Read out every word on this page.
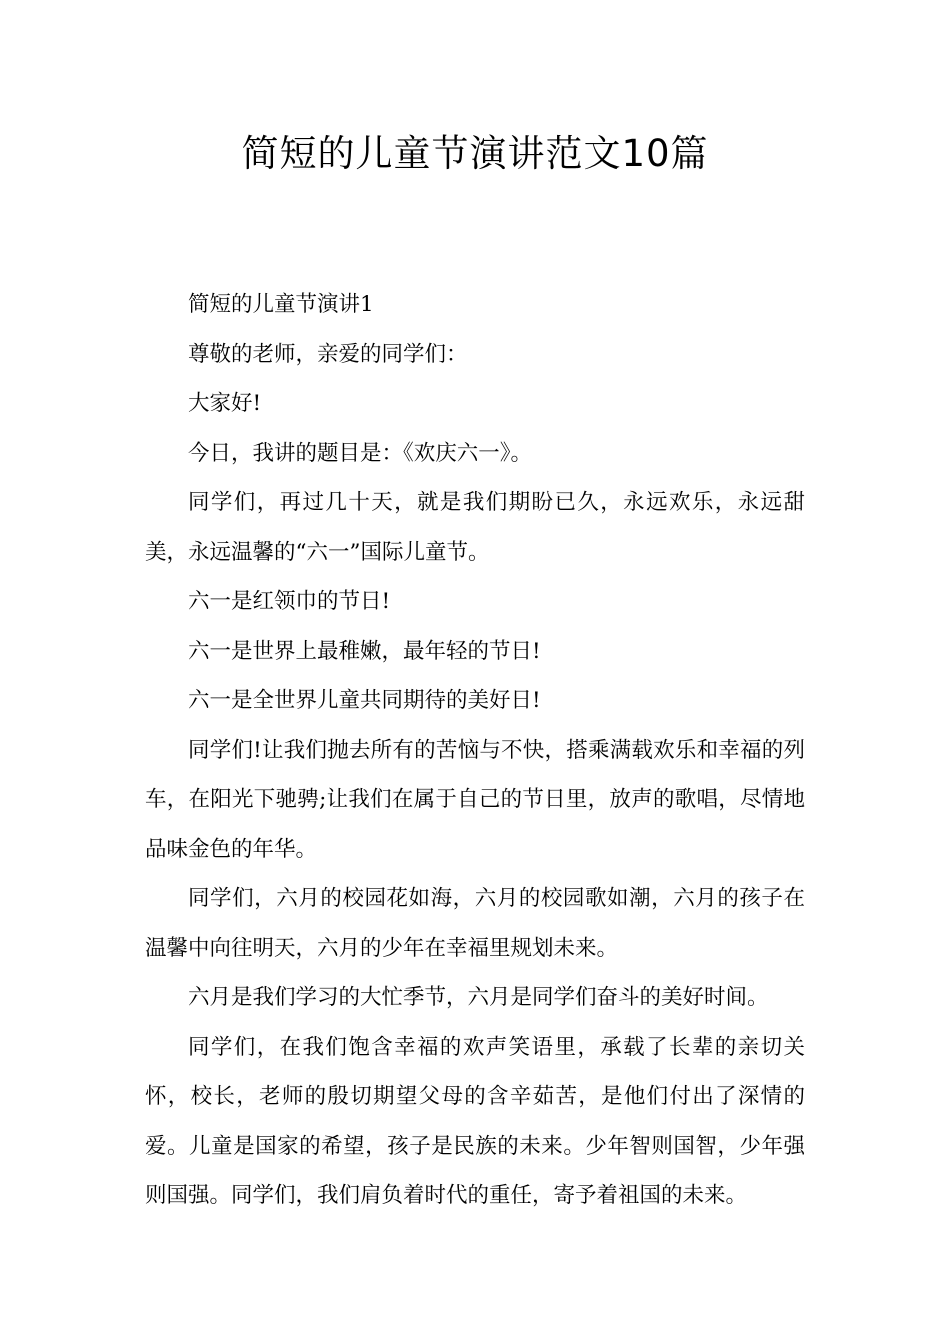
简短的儿童节演讲范文10篇

简短的儿童节演讲1

尊敬的老师，亲爱的同学们：

大家好!

今日，我讲的题目是：《欢庆六一》。

同学们，再过几十天，就是我们期盼已久，永远欢乐，永远甜美，永远温馨的“六一”国际儿童节。

六一是红领巾的节日!

六一是世界上最稚嫩，最年轻的节日!

六一是全世界儿童共同期待的美好日!

同学们!让我们抛去所有的苦恼与不快，搭乘满载欢乐和幸福的列车，在阳光下驰骋;让我们在属于自己的节日里，放声的歌唱，尽情地品味金色的年华。

同学们，六月的校园花如海，六月的校园歌如潮，六月的孩子在温馨中向往明天，六月的少年在幸福里规划未来。

六月是我们学习的大忙季节，六月是同学们奋斗的美好时间。

同学们，在我们饱含幸福的欢声笑语里，承载了长辈的亲切关怀，校长，老师的殷切期望父母的含辛茹苦，是他们付出了深情的爱。儿童是国家的希望，孩子是民族的未来。少年智则国智，少年强则国强。同学们，我们肩负着时代的重任，寄予着祖国的未来。
